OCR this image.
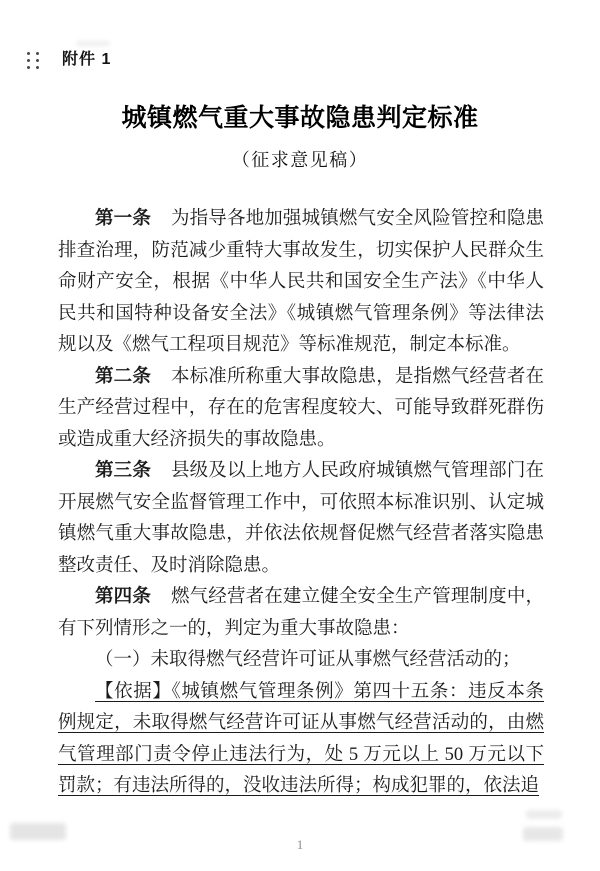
附件 1
城镇燃气重大事故隐患判定标准
（征求意见稿）

第一条 为指导各地加强城镇燃气安全风险管控和隐患排查治理，防范减少重特大事故发生，切实保护人民群众生命财产安全，根据《中华人民共和国安全生产法》《中华人民共和国特种设备安全法》《城镇燃气管理条例》等法律法规以及《燃气工程项目规范》等标准规范，制定本标准。

第二条 本标准所称重大事故隐患，是指燃气经营者在生产经营过程中，存在的危害程度较大、可能导致群死群伤或造成重大经济损失的事故隐患。

第三条 县级及以上地方人民政府城镇燃气管理部门在开展燃气安全监督管理工作中，可依照本标准识别、认定城镇燃气重大事故隐患，并依法依规督促燃气经营者落实隐患整改责任、及时消除隐患。

第四条 燃气经营者在建立健全安全生产管理制度中，有下列情形之一的，判定为重大事故隐患：

（一）未取得燃气经营许可证从事燃气经营活动的；

【依据】《城镇燃气管理条例》第四十五条：违反本条例规定，未取得燃气经营许可证从事燃气经营活动的，由燃气管理部门责令停止违法行为，处 5 万元以上 50 万元以下罚款；有违法所得的，没收违法所得；构成犯罪的，依法追

1
